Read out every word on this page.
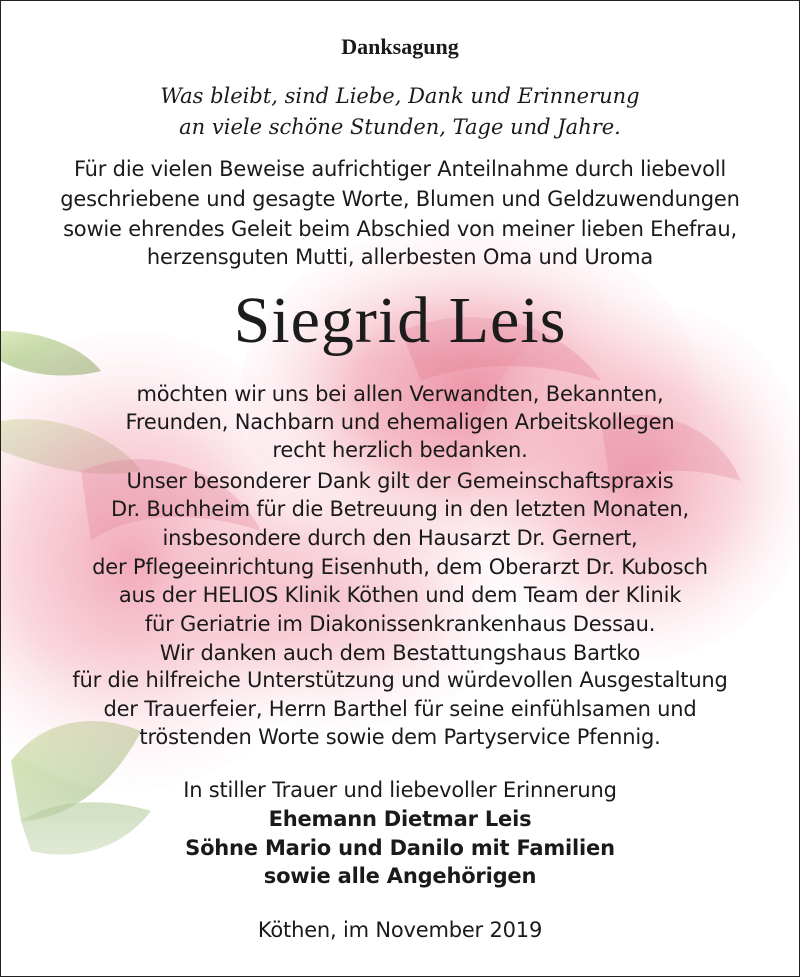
Danksagung
Was bleibt, sind Liebe, Dank und Erinnerung
an viele schöne Stunden, Tage und Jahre.
Für die vielen Beweise aufrichtiger Anteilnahme durch liebevoll
geschriebene und gesagte Worte, Blumen und Geldzuwendungen
sowie ehrendes Geleit beim Abschied von meiner lieben Ehefrau,
herzensguten Mutti, allerbesten Oma und Uroma
Siegrid Leis
möchten wir uns bei allen Verwandten, Bekannten,
Freunden, Nachbarn und ehemaligen Arbeitskollegen
recht herzlich bedanken.
Unser besonderer Dank gilt der Gemeinschaftspraxis
Dr. Buchheim für die Betreuung in den letzten Monaten,
insbesondere durch den Hausarzt Dr. Gernert,
der Pflegeeinrichtung Eisenhuth, dem Oberarzt Dr. Kubosch
aus der HELIOS Klinik Köthen und dem Team der Klinik
für Geriatrie im Diakonissenkrankenhaus Dessau.
Wir danken auch dem Bestattungshaus Bartko
für die hilfreiche Unterstützung und würdevollen Ausgestaltung
der Trauerfeier, Herrn Barthel für seine einfühlsamen und
tröstenden Worte sowie dem Partyservice Pfennig.
In stiller Trauer und liebevoller Erinnerung
Ehemann Dietmar Leis
Söhne Mario und Danilo mit Familien
sowie alle Angehörigen
Köthen, im November 2019
